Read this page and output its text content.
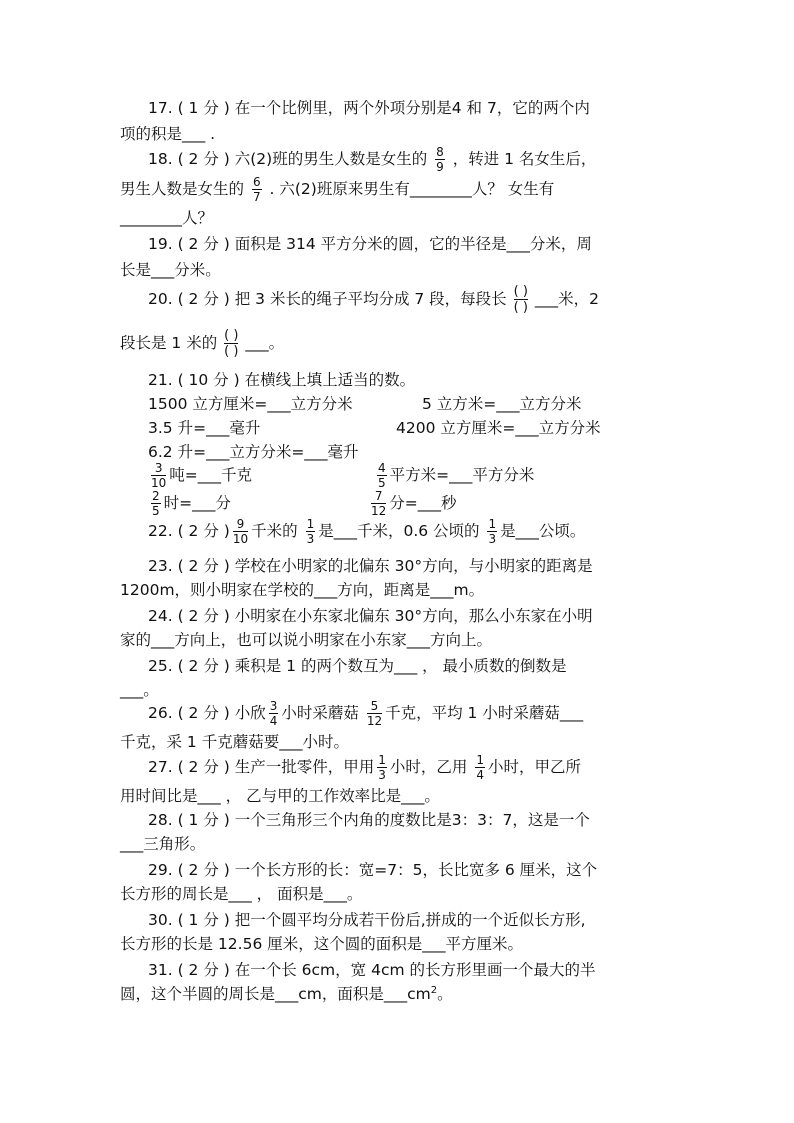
17. ( 1 分 ) 在一个比例里，两个外项分别是4 和 7，它的两个内
项的积是___ .
18. ( 2 分 ) 六(2)班的男生人数是女生的 $\frac{8}{9}$ ，转进 1 名女生后，
男生人数是女生的 $\frac{6}{7}$ . 六(2)班原来男生有________人？ 女生有
________人？
19. ( 2 分 ) 面积是 314 平方分米的圆，它的半径是___分米，周
长是___分米。
20. ( 2 分 ) 把 3 米长的绳子平均分成 7 段，每段长 ( )
( ) ___米，2
段长是 1 米的 ( )
( ) ___。
21. ( 10 分 ) 在横线上填上适当的数。
1500 立方厘米=___立方分米	5 立方米=___立方分米
3.5 升=___毫升	4200 立方厘米=___立方分米
6.2 升=___立方分米=___毫升
$\frac{3}{10}$ 吨=___千克	$\frac{4}{5}$ 平方米=___平方分米
$\frac{2}{5}$ 时=___分	$\frac{7}{12}$ 分=___秒
22. ( 2 分 ) $\frac{9}{10}$ 千米的 $\frac{1}{3}$ 是___千米，0.6 公顷的 $\frac{1}{3}$ 是___公顷。
23. ( 2 分 ) 学校在小明家的北偏东 30°方向，与小明家的距离是
1200m，则小明家在学校的___方向，距离是___m。
24. ( 2 分 ) 小明家在小东家北偏东 30°方向，那么小东家在小明
家的___方向上，也可以说小明家在小东家___方向上。
25. ( 2 分 ) 乘积是 1 的两个数互为___ ， 最小质数的倒数是
___。
26. ( 2 分 ) 小欣 $\frac{3}{4}$ 小时采蘑菇 $\frac{5}{12}$ 千克，平均 1 小时采蘑菇___
千克，采 1 千克蘑菇要___小时。
27. ( 2 分 ) 生产一批零件，甲用 $\frac{1}{3}$ 小时，乙用 $\frac{1}{4}$ 小时，甲乙所
用时间比是___ ， 乙与甲的工作效率比是___。
28. ( 1 分 ) 一个三角形三个内角的度数比是3：3：7，这是一个
___三角形。
29. ( 2 分 ) 一个长方形的长：宽=7：5，长比宽多 6 厘米，这个
长方形的周长是___ ， 面积是___。
30. ( 1 分 ) 把一个圆平均分成若干份后,拼成的一个近似长方形,
长方形的长是 12.56 厘米，这个圆的面积是___平方厘米。
31. ( 2 分 ) 在一个长 6cm，宽 4cm 的长方形里画一个最大的半
圆，这个半圆的周长是___cm，面积是$\_\_\_cm^2$。
